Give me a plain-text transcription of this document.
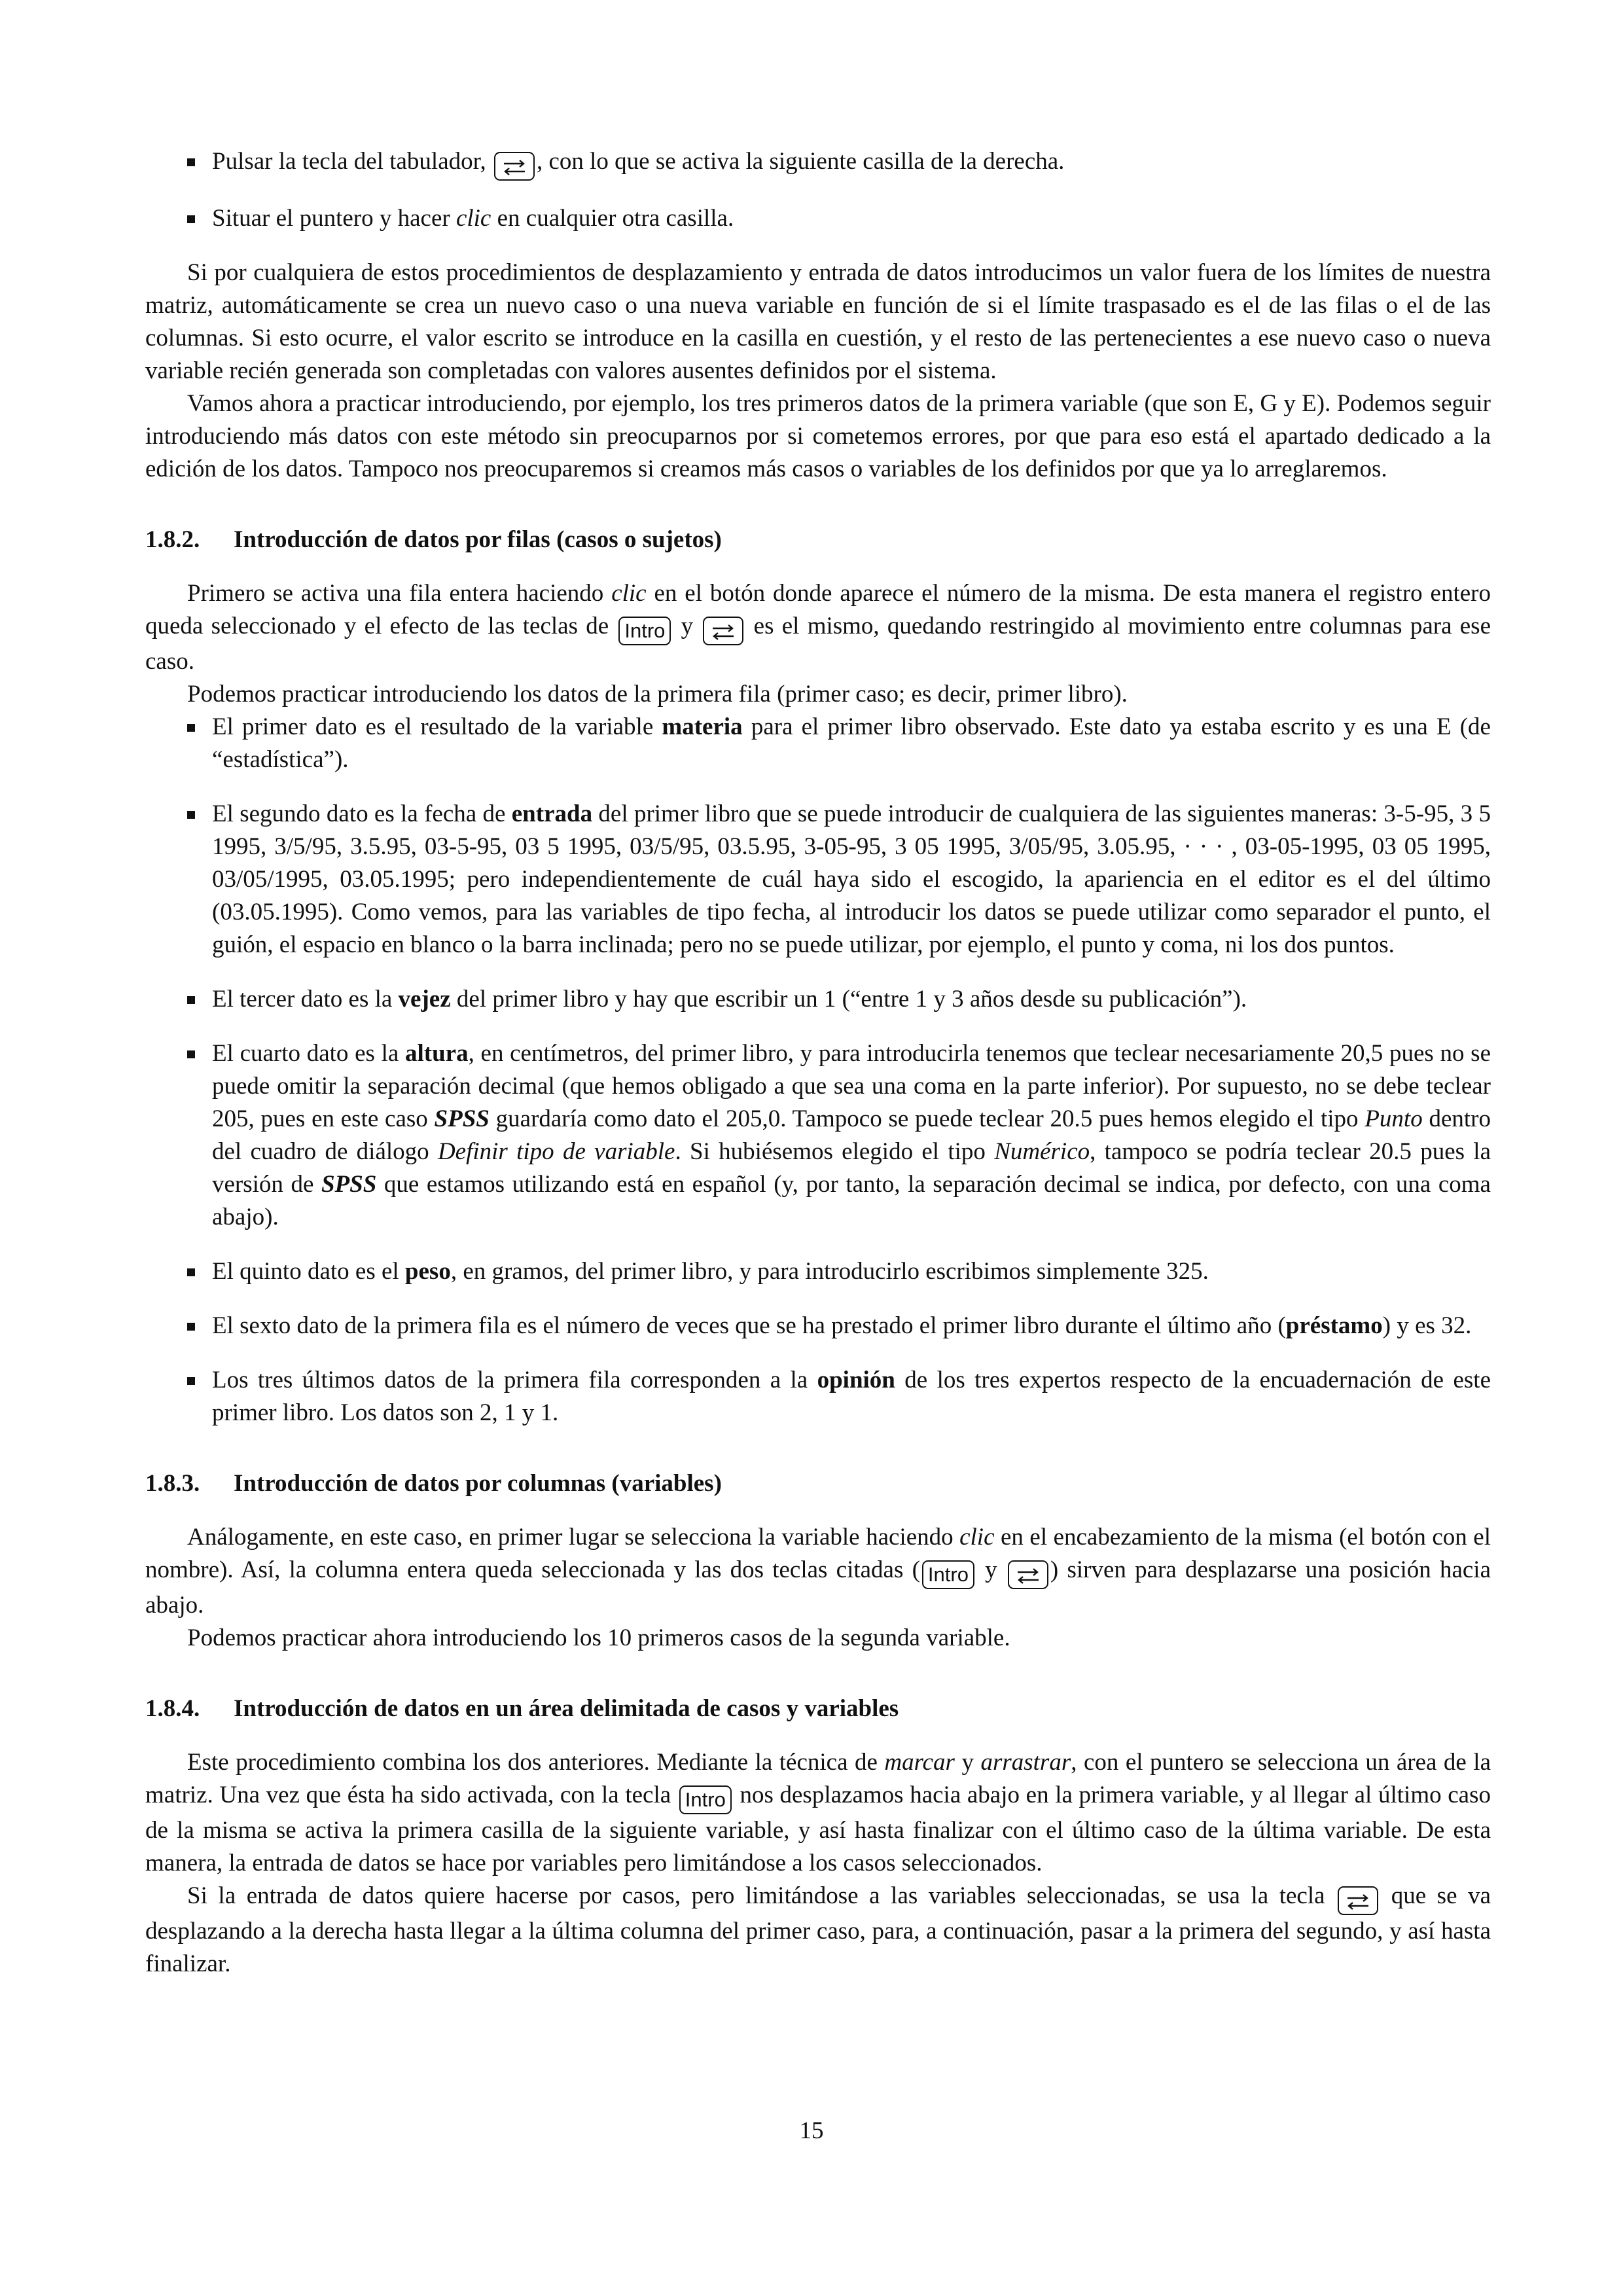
Pulsar la tecla del tabulador, , con lo que se activa la siguiente casilla de la derecha.
Situar el puntero y hacer clic en cualquier otra casilla.

Si por cualquiera de estos procedimientos de desplazamiento y entrada de datos introducimos un valor fuera de los límites de nuestra matriz, automáticamente se crea un nuevo caso o una nueva variable en función de si el límite traspasado es el de las filas o el de las columnas. Si esto ocurre, el valor escrito se introduce en la casilla en cuestión, y el resto de las pertenecientes a ese nuevo caso o nueva variable recién generada son completadas con valores ausentes definidos por el sistema.

Vamos ahora a practicar introduciendo, por ejemplo, los tres primeros datos de la primera variable (que son E, G y E). Podemos seguir introduciendo más datos con este método sin preocuparnos por si cometemos errores, por que para eso está el apartado dedicado a la edición de los datos. Tampoco nos preocuparemos si creamos más casos o variables de los definidos por que ya lo arreglaremos.

1.8.2. Introducción de datos por filas (casos o sujetos)

Primero se activa una fila entera haciendo clic en el botón donde aparece el número de la misma. De esta manera el registro entero queda seleccionado y el efecto de las teclas de Intro y  es el mismo, quedando restringido al movimiento entre columnas para ese caso.

Podemos practicar introduciendo los datos de la primera fila (primer caso; es decir, primer libro).

El primer dato es el resultado de la variable materia para el primer libro observado. Este dato ya estaba escrito y es una E (de “estadística”).
El segundo dato es la fecha de entrada del primer libro que se puede introducir de cualquiera de las siguientes maneras: 3-5-95, 3 5 1995, 3/5/95, 3.5.95, 03-5-95, 03 5 1995, 03/5/95, 03.5.95, 3-05-95, 3 05 1995, 3/05/95, 3.05.95, · · · , 03-05-1995, 03 05 1995, 03/05/1995, 03.05.1995; pero independientemente de cuál haya sido el escogido, la apariencia en el editor es el del último (03.05.1995). Como vemos, para las variables de tipo fecha, al introducir los datos se puede utilizar como separador el punto, el guión, el espacio en blanco o la barra inclinada; pero no se puede utilizar, por ejemplo, el punto y coma, ni los dos puntos.
El tercer dato es la vejez del primer libro y hay que escribir un 1 (“entre 1 y 3 años desde su publicación”).
El cuarto dato es la altura, en centímetros, del primer libro, y para introducirla tenemos que teclear necesariamente 20,5 pues no se puede omitir la separación decimal (que hemos obligado a que sea una coma en la parte inferior). Por supuesto, no se debe teclear 205, pues en este caso SPSS guardaría como dato el 205,0. Tampoco se puede teclear 20.5 pues hemos elegido el tipo Punto dentro del cuadro de diálogo Definir tipo de variable. Si hubiésemos elegido el tipo Numérico, tampoco se podría teclear 20.5 pues la versión de SPSS que estamos utilizando está en español (y, por tanto, la separación decimal se indica, por defecto, con una coma abajo).
El quinto dato es el peso, en gramos, del primer libro, y para introducirlo escribimos simplemente 325.
El sexto dato de la primera fila es el número de veces que se ha prestado el primer libro durante el último año (préstamo) y es 32.
Los tres últimos datos de la primera fila corresponden a la opinión de los tres expertos respecto de la encuadernación de este primer libro. Los datos son 2, 1 y 1.
1.8.3. Introducción de datos por columnas (variables)

Análogamente, en este caso, en primer lugar se selecciona la variable haciendo clic en el encabezamiento de la misma (el botón con el nombre). Así, la columna entera queda seleccionada y las dos teclas citadas ( Intro y ) sirven para desplazarse una posición hacia abajo.

Podemos practicar ahora introduciendo los 10 primeros casos de la segunda variable.

1.8.4. Introducción de datos en un área delimitada de casos y variables

Este procedimiento combina los dos anteriores. Mediante la técnica de marcar y arrastrar, con el puntero se selecciona un área de la matriz. Una vez que ésta ha sido activada, con la tecla Intro nos desplazamos hacia abajo en la primera variable, y al llegar al último caso de la misma se activa la primera casilla de la siguiente variable, y así hasta finalizar con el último caso de la última variable. De esta manera, la entrada de datos se hace por variables pero limitándose a los casos seleccionados.

Si la entrada de datos quiere hacerse por casos, pero limitándose a las variables seleccionadas, se usa la tecla  que se va desplazando a la derecha hasta llegar a la última columna del primer caso, para, a continuación, pasar a la primera del segundo, y así hasta finalizar.

15
